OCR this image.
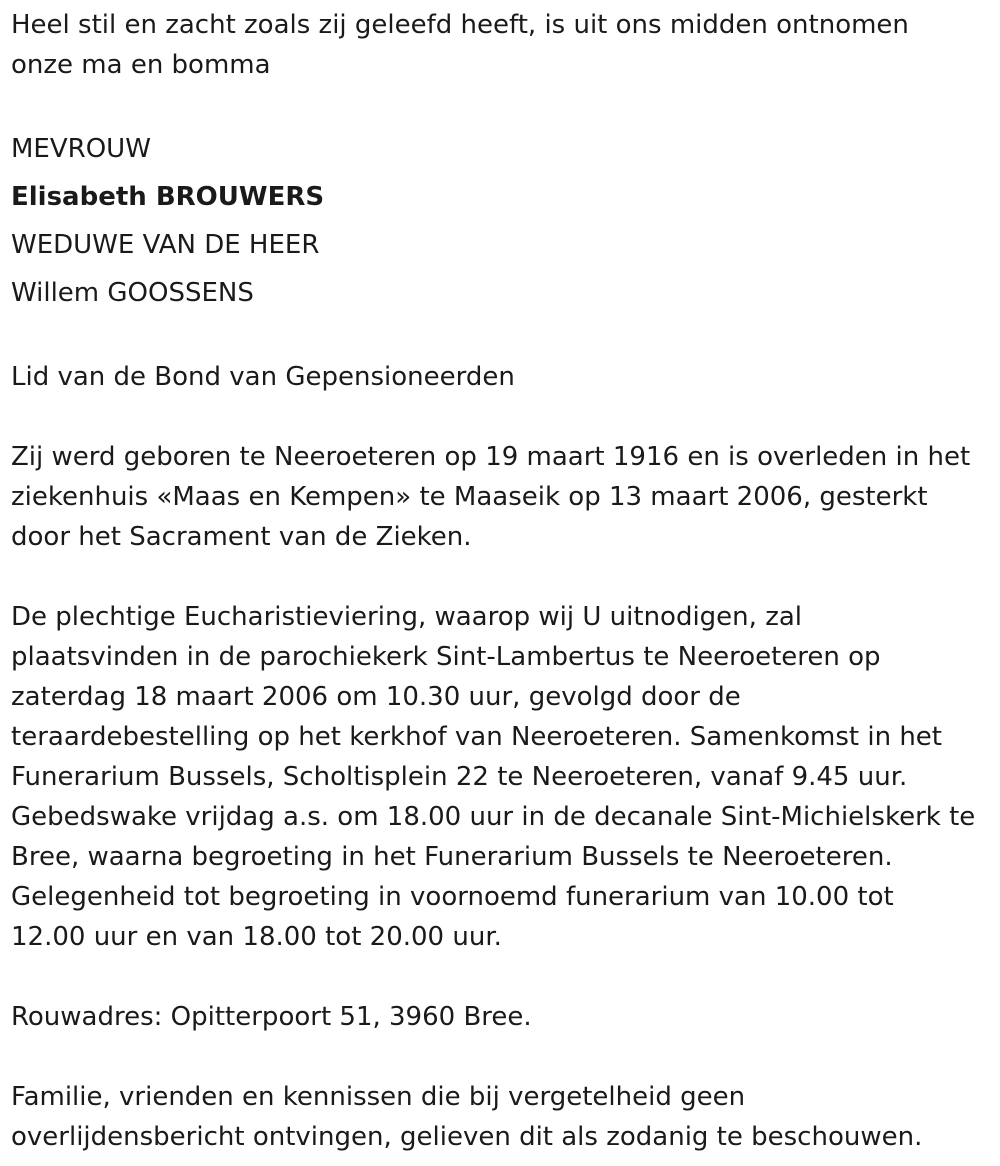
Heel stil en zacht zoals zij geleefd heeft, is uit ons midden ontnomen
onze ma en bomma
MEVROUW
Elisabeth BROUWERS
WEDUWE VAN DE HEER
Willem GOOSSENS
Lid van de Bond van Gepensioneerden
Zij werd geboren te Neeroeteren op 19 maart 1916 en is overleden in het
ziekenhuis «Maas en Kempen» te Maaseik op 13 maart 2006, gesterkt
door het Sacrament van de Zieken.
De plechtige Eucharistieviering, waarop wij U uitnodigen, zal
plaatsvinden in de parochiekerk Sint-Lambertus te Neeroeteren op
zaterdag 18 maart 2006 om 10.30 uur, gevolgd door de
teraardebestelling op het kerkhof van Neeroeteren. Samenkomst in het
Funerarium Bussels, Scholtisplein 22 te Neeroeteren, vanaf 9.45 uur.
Gebedswake vrijdag a.s. om 18.00 uur in de decanale Sint-Michielskerk te
Bree, waarna begroeting in het Funerarium Bussels te Neeroeteren.
Gelegenheid tot begroeting in voornoemd funerarium van 10.00 tot
12.00 uur en van 18.00 tot 20.00 uur.
Rouwadres: Opitterpoort 51, 3960 Bree.
Familie, vrienden en kennissen die bij vergetelheid geen
overlijdensbericht ontvingen, gelieven dit als zodanig te beschouwen.
